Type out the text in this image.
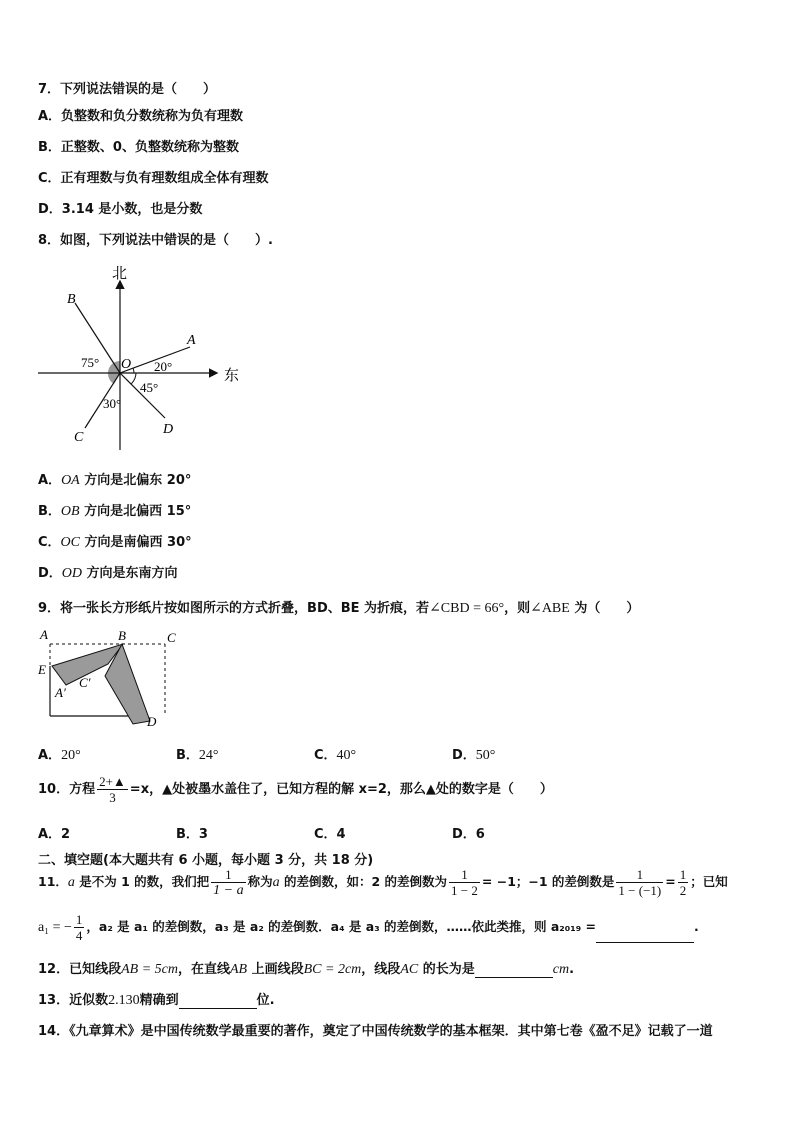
7．下列说法错误的是（　　）
A．负整数和负分数统称为负有理数
B．正整数、0、负整数统称为整数
C．正有理数与负有理数组成全体有理数
D．3.14 是小数，也是分数
8．如图，下列说法中错误的是（　　）.
北
东
O
A
B
C
D
75°	20°
45°
30°
A．OA 方向是北偏东 20°
B．OB 方向是北偏西 15°
C．OC 方向是南偏西 30°
D．OD 方向是东南方向
9．将一张长方形纸片按如图所示的方式折叠，BD、BE 为折痕，若∠CBD = 66°，则∠ABE 为（　　）
A	B	C
E
A′
C′
D
A．20°	B．24°	C．40°	D．50°
10．方程 $\frac{2+▲}{3} =x$，▲处被墨水盖住了，已知方程的解 x=2，那么▲处的数字是（　　）
A．2	B．3	C．4	D．6
二、填空题(本大题共有 6 小题，每小题 3 分，共 18 分)
11．a 是不为 1 的数，我们把 $\frac{1}{1 - a}$ 称为a 的差倒数，如：2 的差倒数为 $\frac{1}{1 - 2} = -1$；−1 的差倒数是 $\frac{1}{1 - (-1)} = \frac{1}{2}$ ；已知
a₁ = − $\frac{1}{4}$ ，a₂ 是 a₁ 的差倒数，a₃ 是 a₂ 的差倒数．a₄ 是 a₃ 的差倒数，……依此类推，则 a₂₀₁₉ =	.
12．已知线段AB = 5cm，在直线AB 上画线段BC = 2cm，线段AC 的长为是	cm.
13．近似数2.130精确到	位.
14．《九章算术》是中国传统数学最重要的著作，奠定了中国传统数学的基本框架．其中第七卷《盈不足》记载了一道
